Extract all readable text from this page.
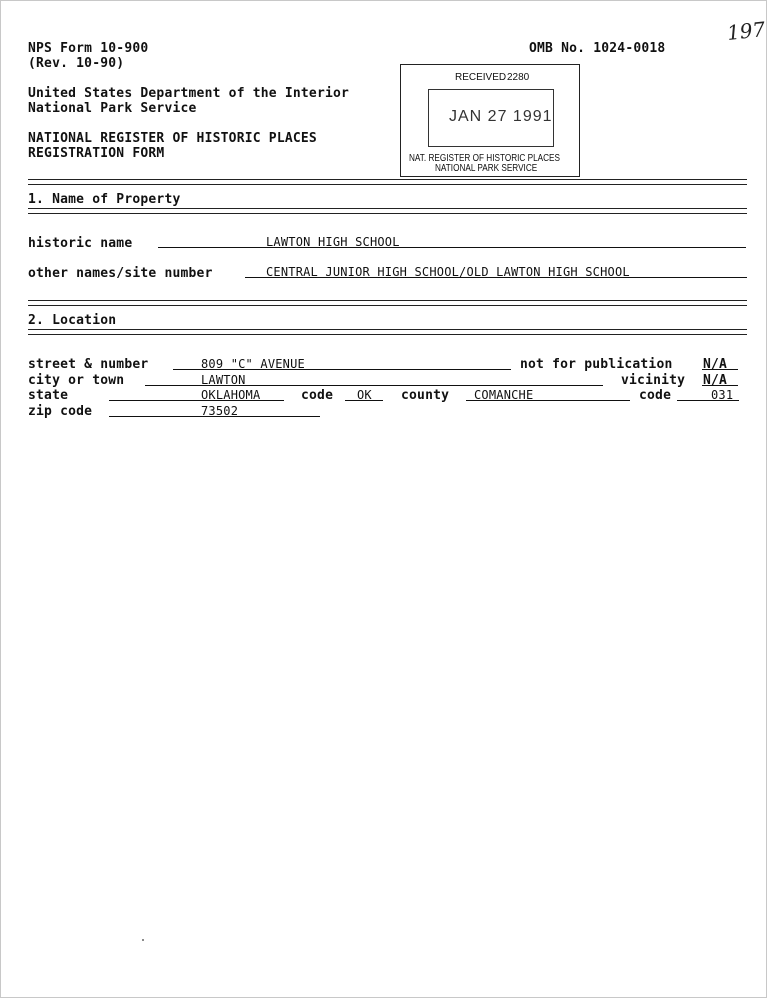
NPS Form 10-900
(Rev. 10-90)
OMB No. 1024-0018
United States Department of the Interior
National Park Service
NATIONAL REGISTER OF HISTORIC PLACES
REGISTRATION FORM
197
RECEIVED 2280
JAN 27 1991
NAT. REGISTER OF HISTORIC PLACES
NATIONAL PARK SERVICE
1. Name of Property
historic name	LAWTON HIGH SCHOOL
other names/site number	CENTRAL JUNIOR HIGH SCHOOL/OLD LAWTON HIGH SCHOOL
2. Location
street & number	809 "C" AVENUE	not for publication N/A
city or town	LAWTON	vicinity N/A
state	OKLAHOMA	code OK county COMANCHE	code	031
zip code	73502
